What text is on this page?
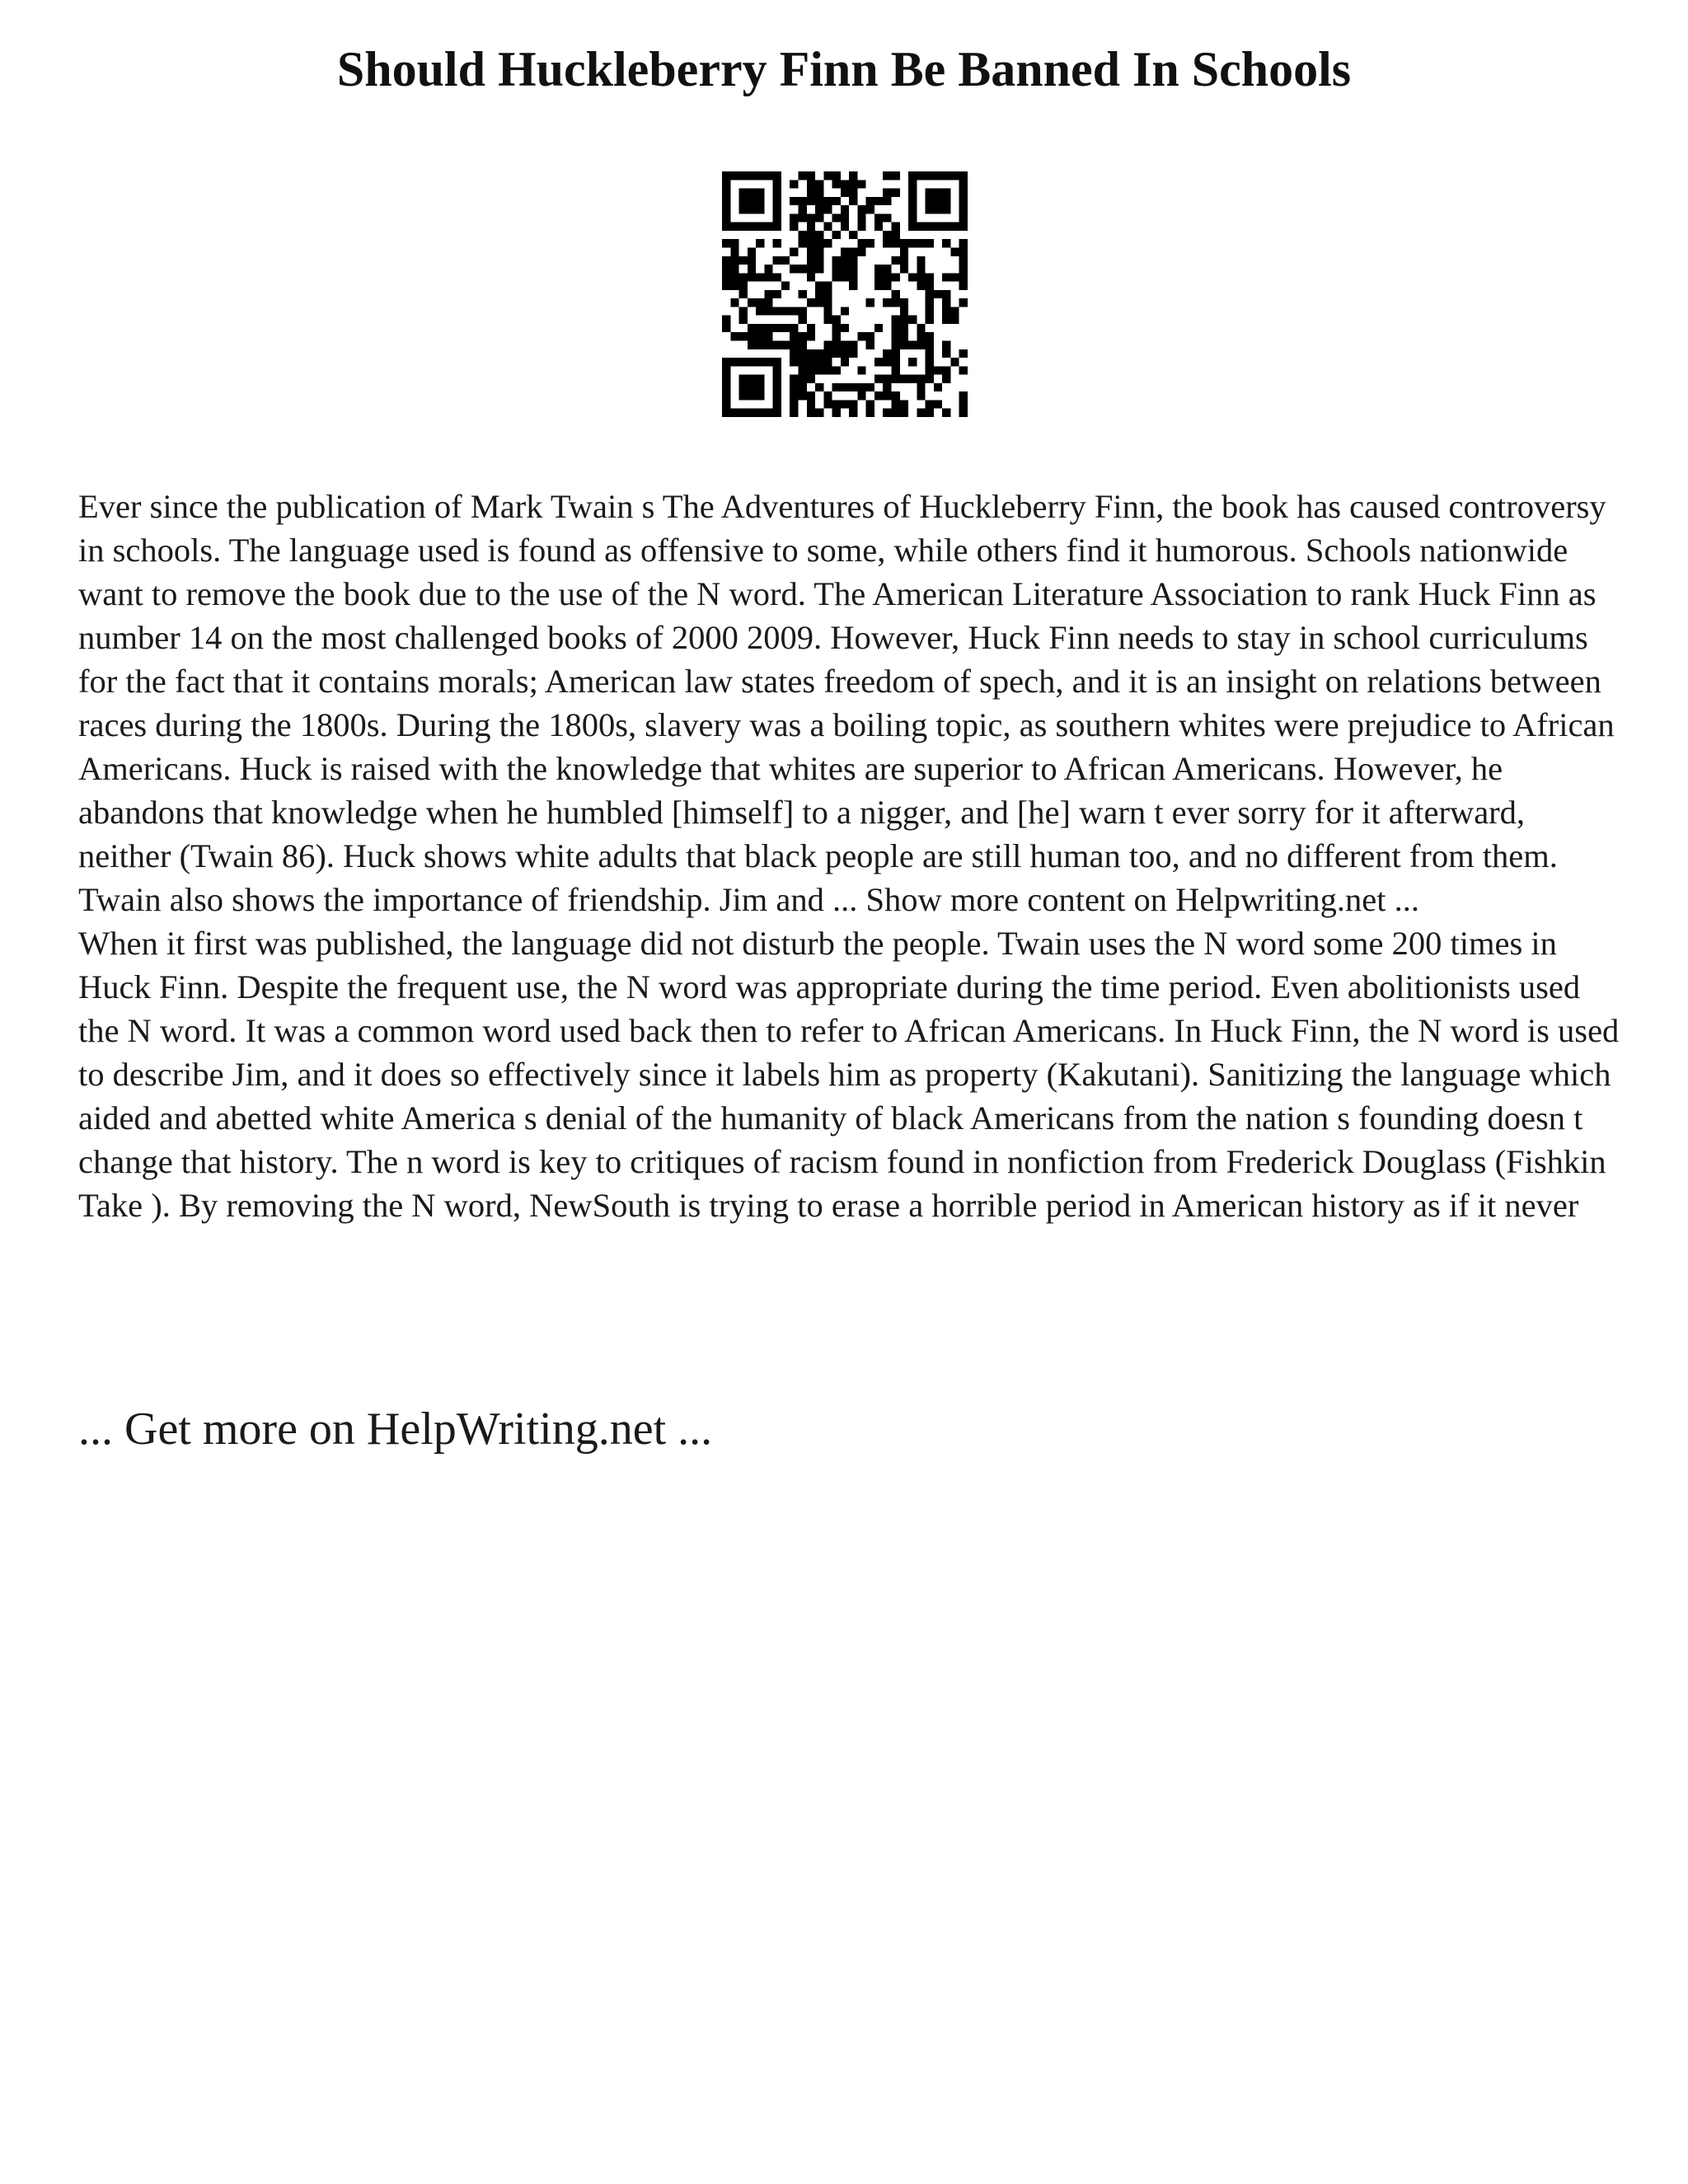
Should Huckleberry Finn Be Banned In Schools

Ever since the publication of Mark Twain s The Adventures of Huckleberry Finn, the book has caused controversy in schools. The language used is found as offensive to some, while others find it humorous. Schools nationwide want to remove the book due to the use of the N word. The American Literature Association to rank Huck Finn as number 14 on the most challenged books of 2000 2009. However, Huck Finn needs to stay in school curriculums for the fact that it contains morals; American law states freedom of spech, and it is an insight on relations between races during the 1800s. During the 1800s, slavery was a boiling topic, as southern whites were prejudice to African Americans. Huck is raised with the knowledge that whites are superior to African Americans. However, he abandons that knowledge when he humbled [himself] to a nigger, and [he] warn t ever sorry for it afterward, neither (Twain 86). Huck shows white adults that black people are still human too, and no different from them. Twain also shows the importance of friendship. Jim and ... Show more content on Helpwriting.net ...

When it first was published, the language did not disturb the people. Twain uses the N word some 200 times in Huck Finn. Despite the frequent use, the N word was appropriate during the time period. Even abolitionists used the N word. It was a common word used back then to refer to African Americans. In Huck Finn, the N word is used to describe Jim, and it does so effectively since it labels him as property (Kakutani). Sanitizing the language which aided and abetted white America s denial of the humanity of black Americans from the nation s founding doesn t change that history. The n word is key to critiques of racism found in nonfiction from Frederick Douglass (Fishkin Take ). By removing the N word, NewSouth is trying to erase a horrible period in American history as if it never

... Get more on HelpWriting.net ...
